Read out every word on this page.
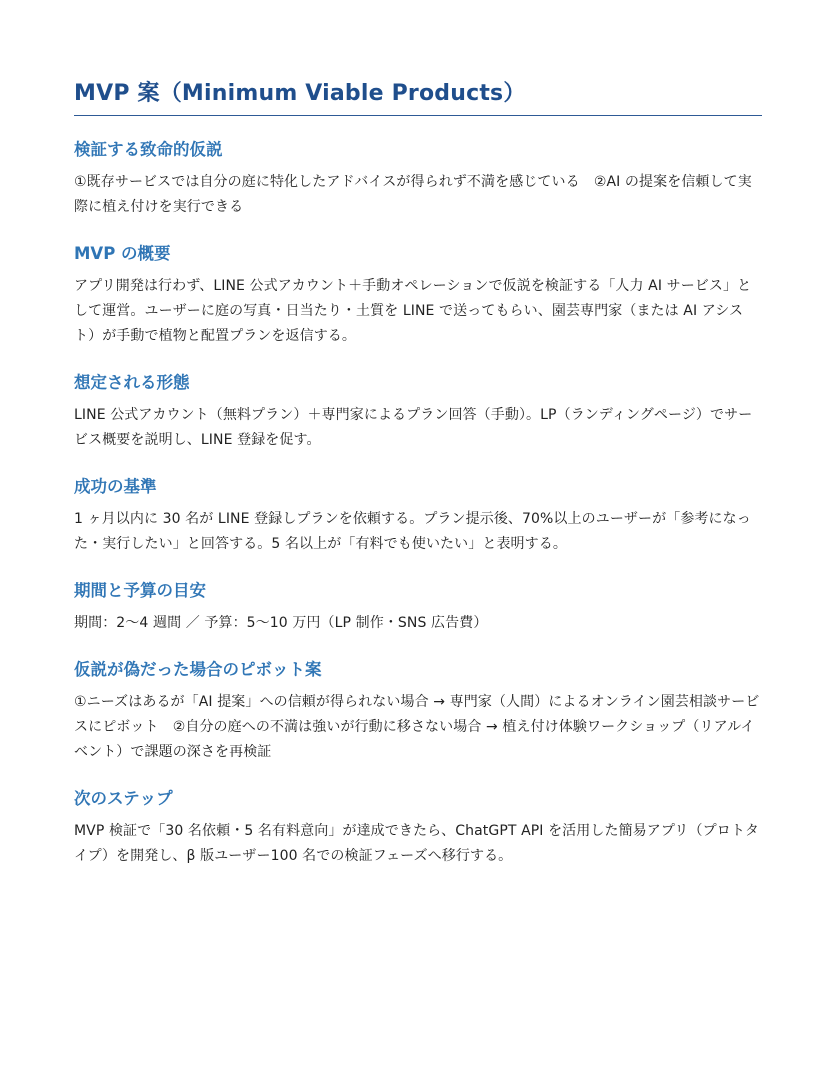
MVP 案（Minimum Viable Products）
検証する致命的仮説

①既存サービスでは自分の庭に特化したアドバイスが得られず不満を感じている　②AI の提案を信頼して実際に植え付けを実行できる

MVP の概要

アプリ開発は行わず、LINE 公式アカウント＋手動オペレーションで仮説を検証する「人力 AI サービス」として運営。ユーザーに庭の写真・日当たり・土質を LINE で送ってもらい、園芸専門家（または AI アシスト）が手動で植物と配置プランを返信する。

想定される形態

LINE 公式アカウント（無料プラン）＋専門家によるプラン回答（手動）。LP（ランディングページ）でサービス概要を説明し、LINE 登録を促す。

成功の基準

1 ヶ月以内に 30 名が LINE 登録しプランを依頼する。プラン提示後、70%以上のユーザーが「参考になった・実行したい」と回答する。5 名以上が「有料でも使いたい」と表明する。

期間と予算の目安

期間：2〜4 週間 ／ 予算：5〜10 万円（LP 制作・SNS 広告費）

仮説が偽だった場合のピボット案

①ニーズはあるが「AI 提案」への信頼が得られない場合 → 専門家（人間）によるオンライン園芸相談サービスにピボット　②自分の庭への不満は強いが行動に移さない場合 → 植え付け体験ワークショップ（リアルイベント）で課題の深さを再検証

次のステップ

MVP 検証で「30 名依頼・5 名有料意向」が達成できたら、ChatGPT API を活用した簡易アプリ（プロトタイプ）を開発し、β 版ユーザー100 名での検証フェーズへ移行する。
